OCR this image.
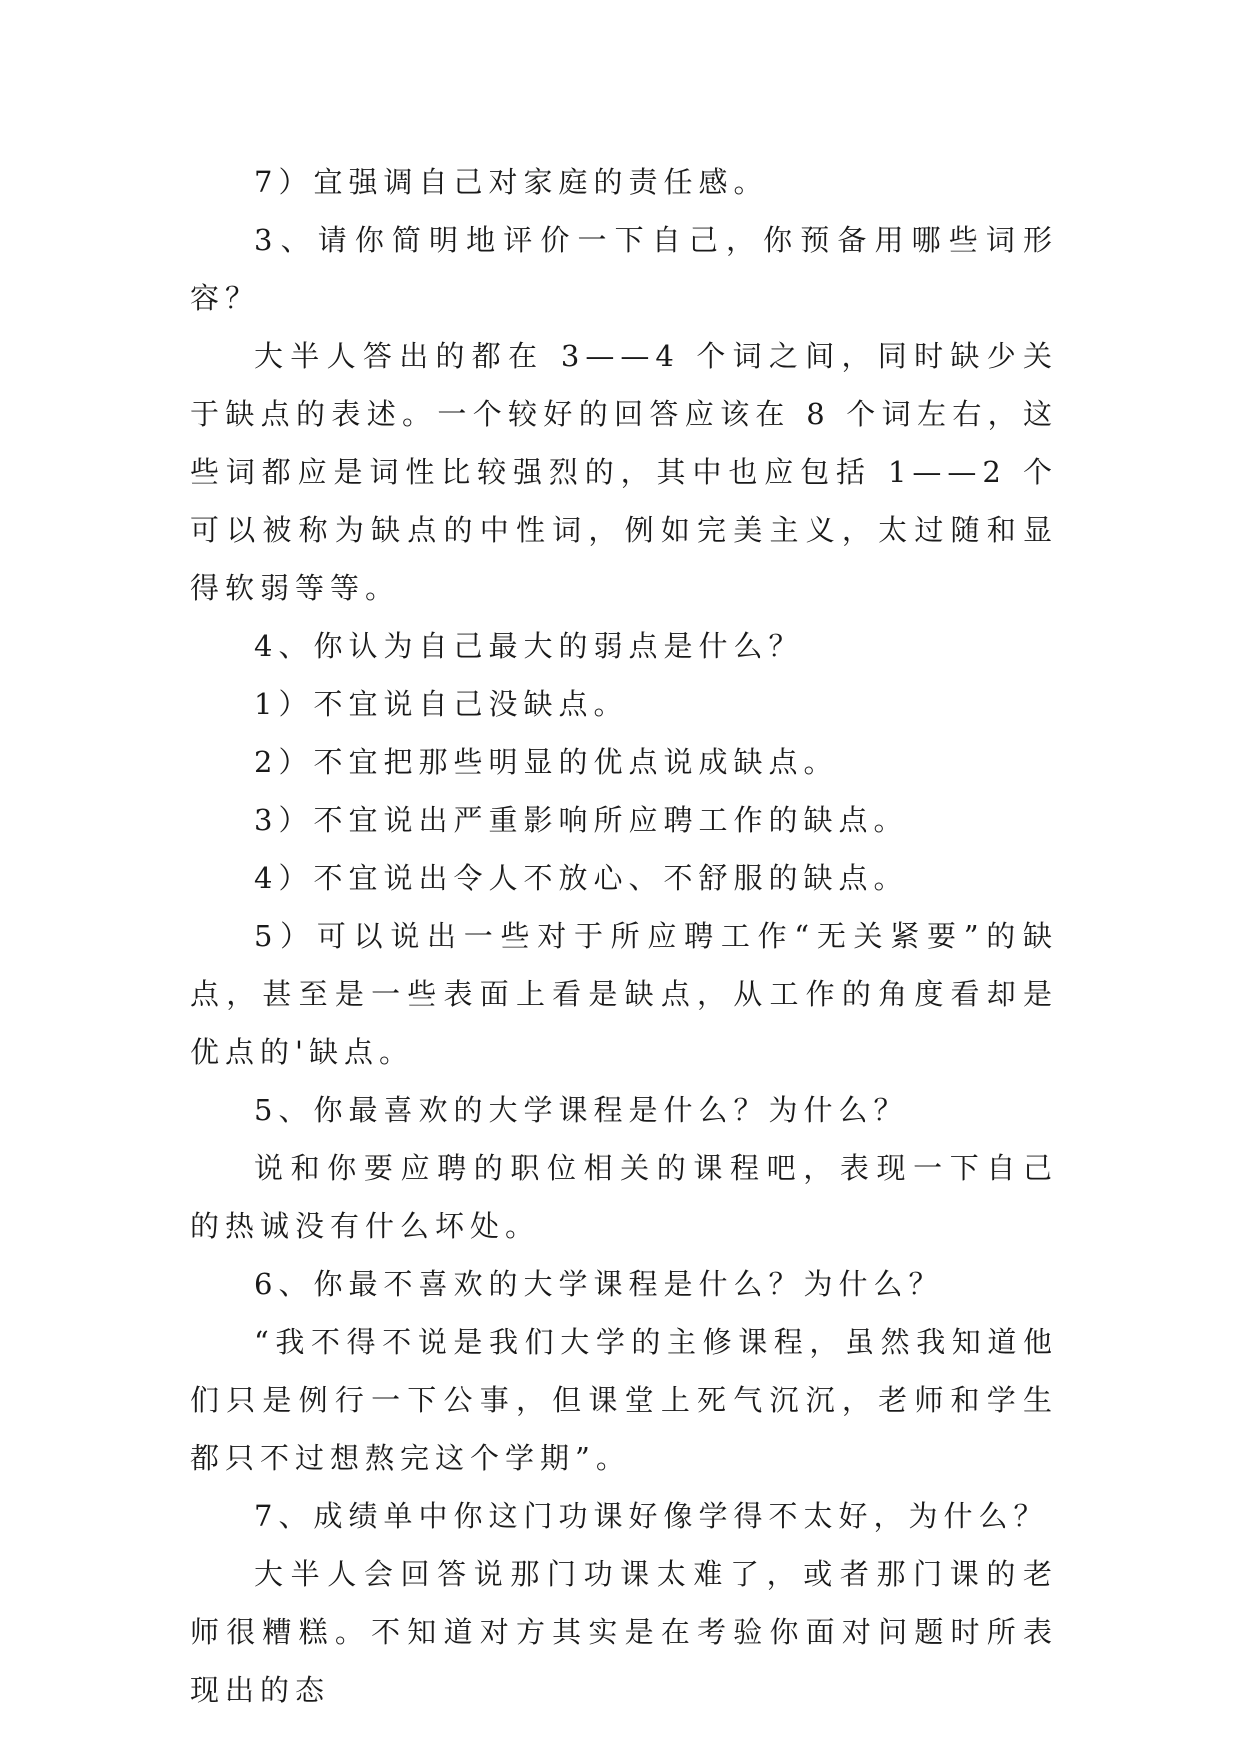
7）宜强调自己对家庭的责任感。

3、请你简明地评价一下自己，你预备用哪些词形容？

大半人答出的都在 3——4 个词之间，同时缺少关于缺点的表述。一个较好的回答应该在 8 个词左右，这些词都应是词性比较强烈的，其中也应包括 1——2 个可以被称为缺点的中性词，例如完美主义，太过随和显得软弱等等。

4、你认为自己最大的弱点是什么？

1）不宜说自己没缺点。

2）不宜把那些明显的优点说成缺点。

3）不宜说出严重影响所应聘工作的缺点。

4）不宜说出令人不放心、不舒服的缺点。

5）可以说出一些对于所应聘工作“无关紧要”的缺点，甚至是一些表面上看是缺点，从工作的角度看却是优点的'缺点。

5、你最喜欢的大学课程是什么？为什么？

说和你要应聘的职位相关的课程吧，表现一下自己的热诚没有什么坏处。

6、你最不喜欢的大学课程是什么？为什么？

“我不得不说是我们大学的主修课程，虽然我知道他们只是例行一下公事，但课堂上死气沉沉，老师和学生都只不过想熬完这个学期”。

7、成绩单中你这门功课好像学得不太好，为什么？

大半人会回答说那门功课太难了，或者那门课的老师很糟糕。不知道对方其实是在考验你面对问题时所表现出的态
